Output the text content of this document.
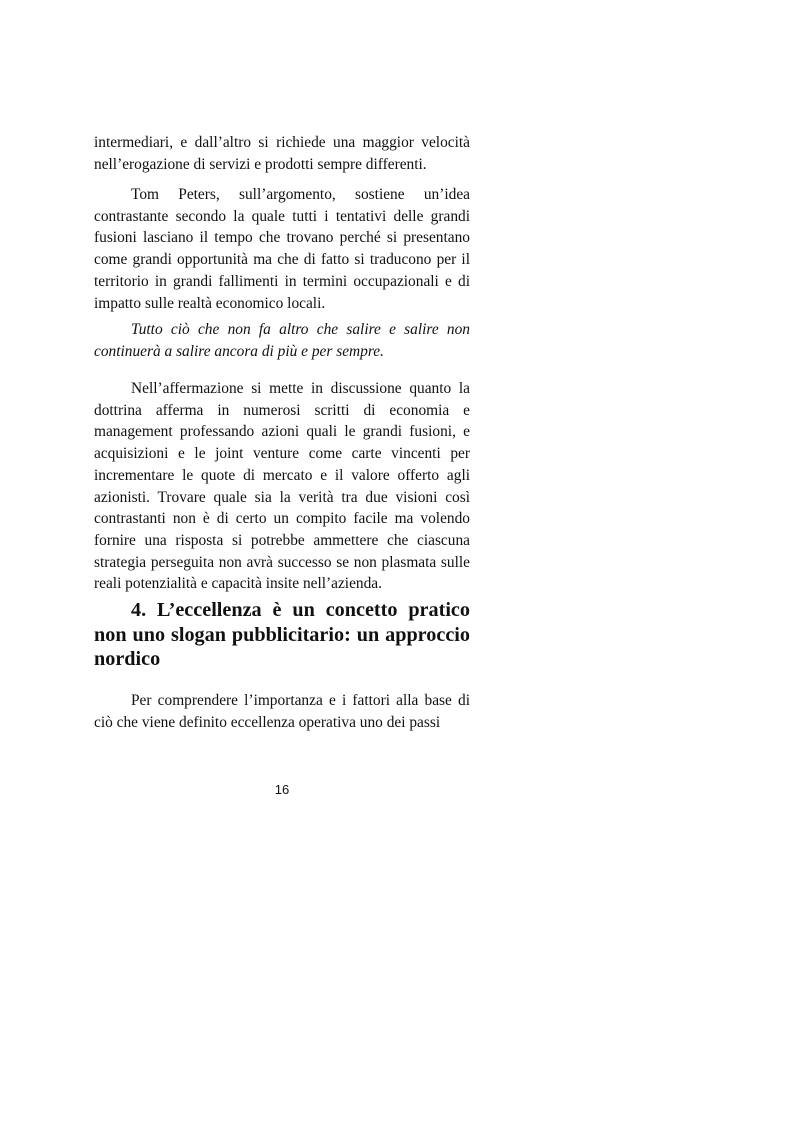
intermediari, e dall’altro si richiede una maggior velocità nell’erogazione di servizi e prodotti sempre differenti.

Tom Peters, sull’argomento, sostiene un’idea contrastante secondo la quale tutti i tentativi delle grandi fusioni lasciano il tempo che trovano perché si presentano come grandi opportunità ma che di fatto si traducono per il territorio in grandi fallimenti in termini occupazionali e di impatto sulle realtà economico locali.

Tutto ciò che non fa altro che salire e salire non continuerà a salire ancora di più e per sempre.

Nell’affermazione si mette in discussione quanto la dottrina afferma in numerosi scritti di economia e management professando azioni quali le grandi fusioni, e acquisizioni e le joint venture come carte vincenti per incrementare le quote di mercato e il valore offerto agli azionisti. Trovare quale sia la verità tra due visioni così contrastanti non è di certo un compito facile ma volendo fornire una risposta si potrebbe ammettere che ciascuna strategia perseguita non avrà successo se non plasmata sulle reali potenzialità e capacità insite nell’azienda.

4. L’eccellenza è un concetto pratico non uno slogan pubblicitario: un approccio nordico

Per comprendere l’importanza e i fattori alla base di ciò che viene definito eccellenza operativa uno dei passi

16
